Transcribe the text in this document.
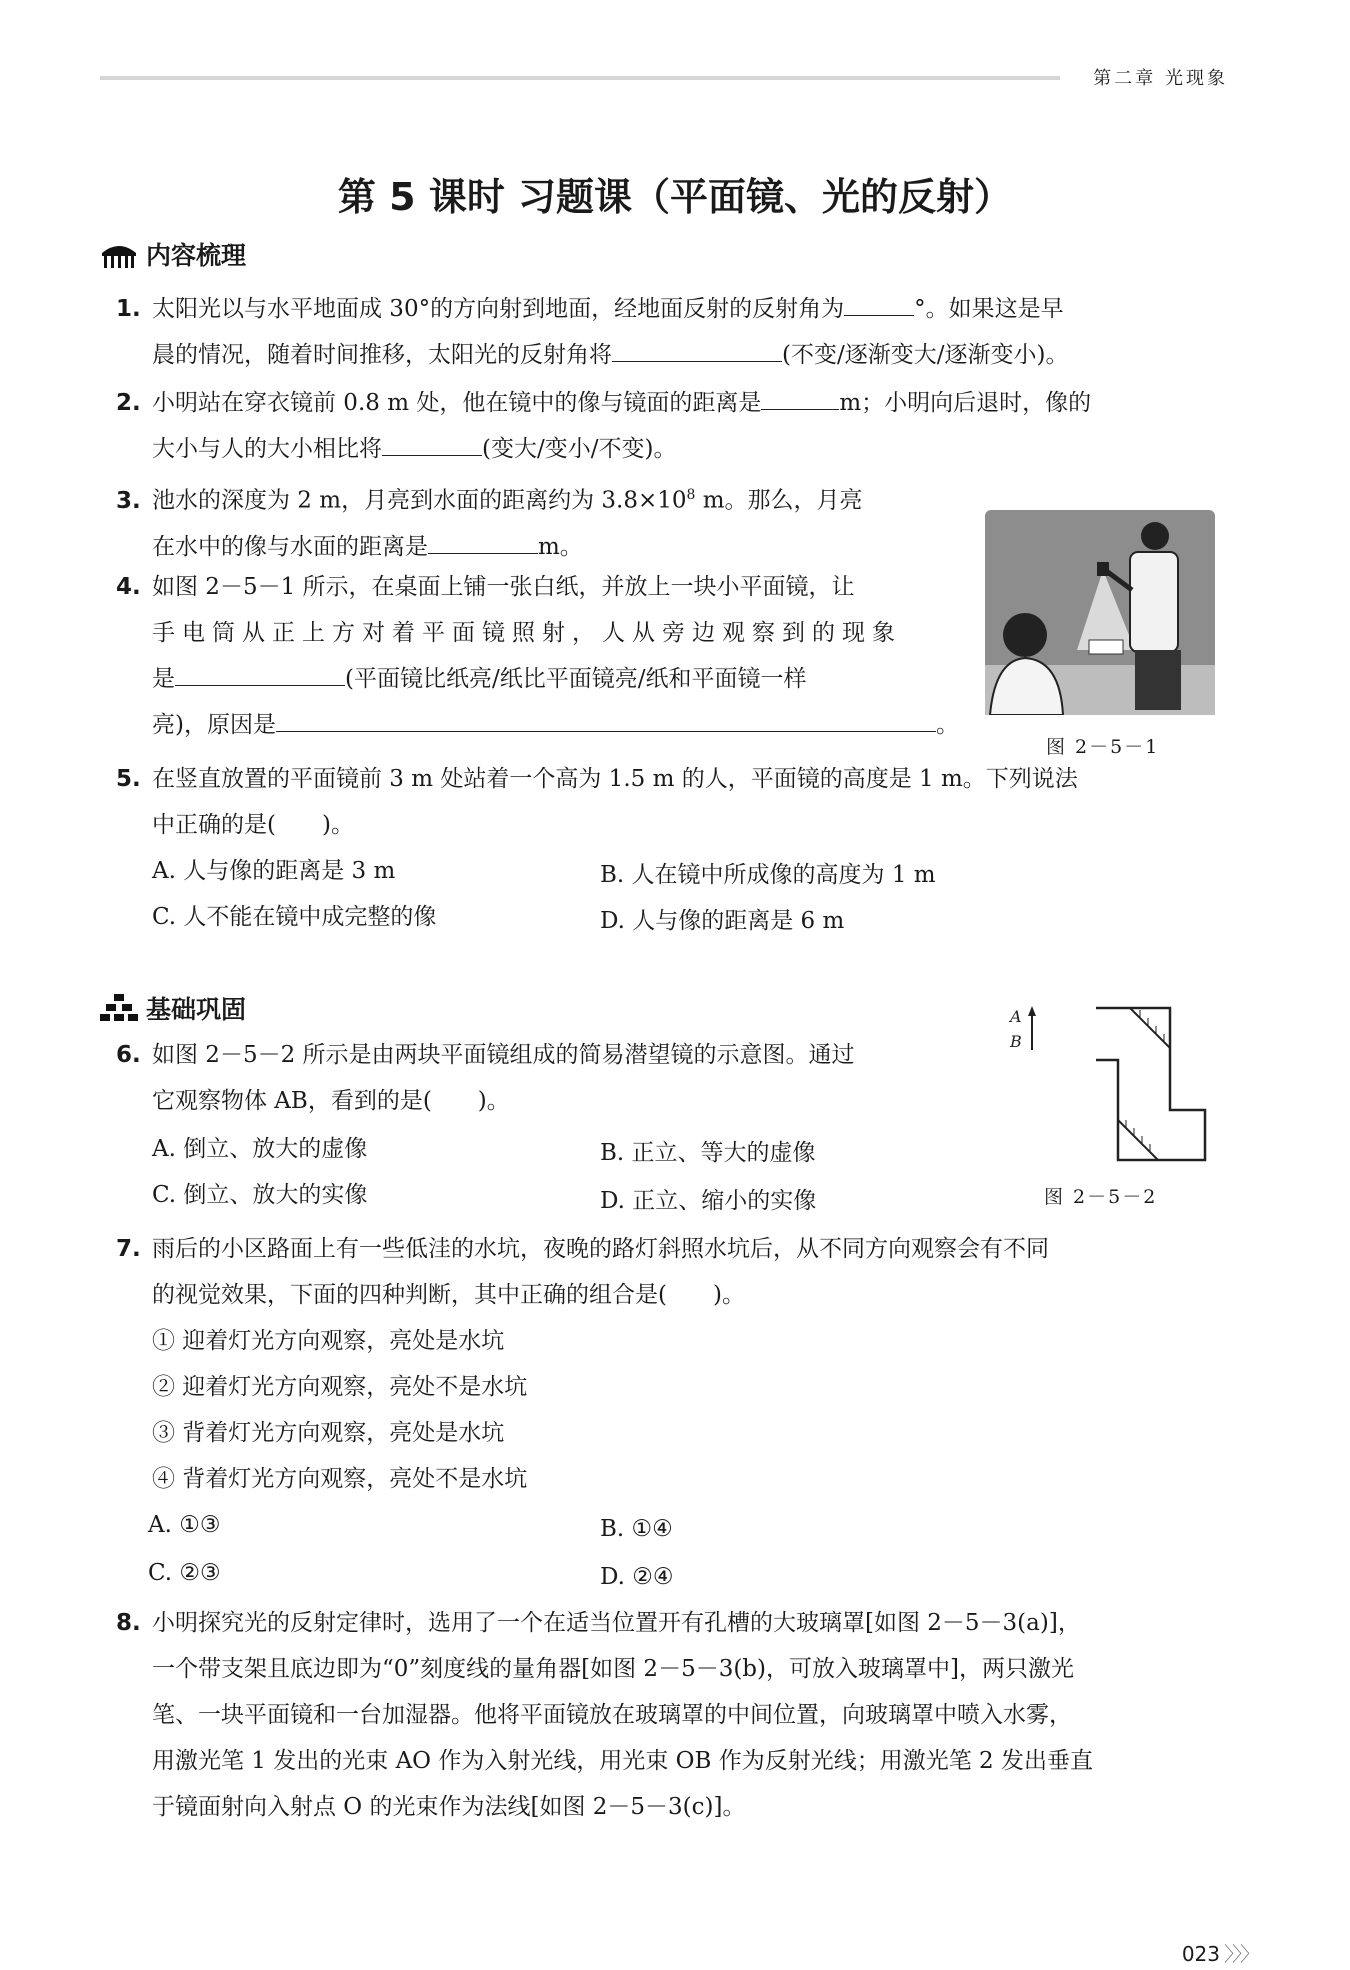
第二章 光现象
第 5 课时 习题课（平面镜、光的反射）
内容梳理
1. 太阳光以与水平地面成 30°的方向射到地面，经地面反射的反射角为	°。如果这是早
晨的情况，随着时间推移，太阳光的反射角将	(不变/逐渐变大/逐渐变小)。
2. 小明站在穿衣镜前 0.8 m 处，他在镜中的像与镜面的距离是	m；小明向后退时，像的
大小与人的大小相比将	(变大/变小/不变)。
3. 池水的深度为 2 m，月亮到水面的距离约为 $3.8\times 10^8$ m。那么，月亮
在水中的像与水面的距离是	m。
4. 如图 2－5－1 所示，在桌面上铺一张白纸，并放上一块小平面镜，让
手电筒从正上方对着平面镜照射，人从旁边观察到的现象
是	(平面镜比纸亮/纸比平面镜亮/纸和平面镜一样
亮)，原因是	。
图 2－5－1
5. 在竖直放置的平面镜前 3 m 处站着一个高为 1.5 m 的人，平面镜的高度是 1 m。下列说法
中正确的是(　　)。
A. 人与像的距离是 3 m	B. 人在镜中所成像的高度为 1 m
C. 人不能在镜中成完整的像	D. 人与像的距离是 6 m
基础巩固
6. 如图 2－5－2 所示是由两块平面镜组成的简易潜望镜的示意图。通过
它观察物体 AB，看到的是(　　)。
A. 倒立、放大的虚像	B. 正立、等大的虚像
C. 倒立、放大的实像	D. 正立、缩小的实像
A
B
图 2－5－2
7. 雨后的小区路面上有一些低洼的水坑，夜晚的路灯斜照水坑后，从不同方向观察会有不同
的视觉效果，下面的四种判断，其中正确的组合是(　　)。
① 迎着灯光方向观察，亮处是水坑
② 迎着灯光方向观察，亮处不是水坑
③ 背着灯光方向观察，亮处是水坑
④ 背着灯光方向观察，亮处不是水坑
A. ①③	B. ①④
C. ②③	D. ②④
8. 小明探究光的反射定律时，选用了一个在适当位置开有孔槽的大玻璃罩[如图 2－5－3(a)]，
一个带支架且底边即为“0”刻度线的量角器[如图 2－5－3(b)，可放入玻璃罩中]，两只激光
笔、一块平面镜和一台加湿器。他将平面镜放在玻璃罩的中间位置，向玻璃罩中喷入水雾，
用激光笔 1 发出的光束 AO 作为入射光线，用光束 OB 作为反射光线；用激光笔 2 发出垂直
于镜面射向入射点 O 的光束作为法线[如图 2－5－3(c)]。
023 〉〉〉
